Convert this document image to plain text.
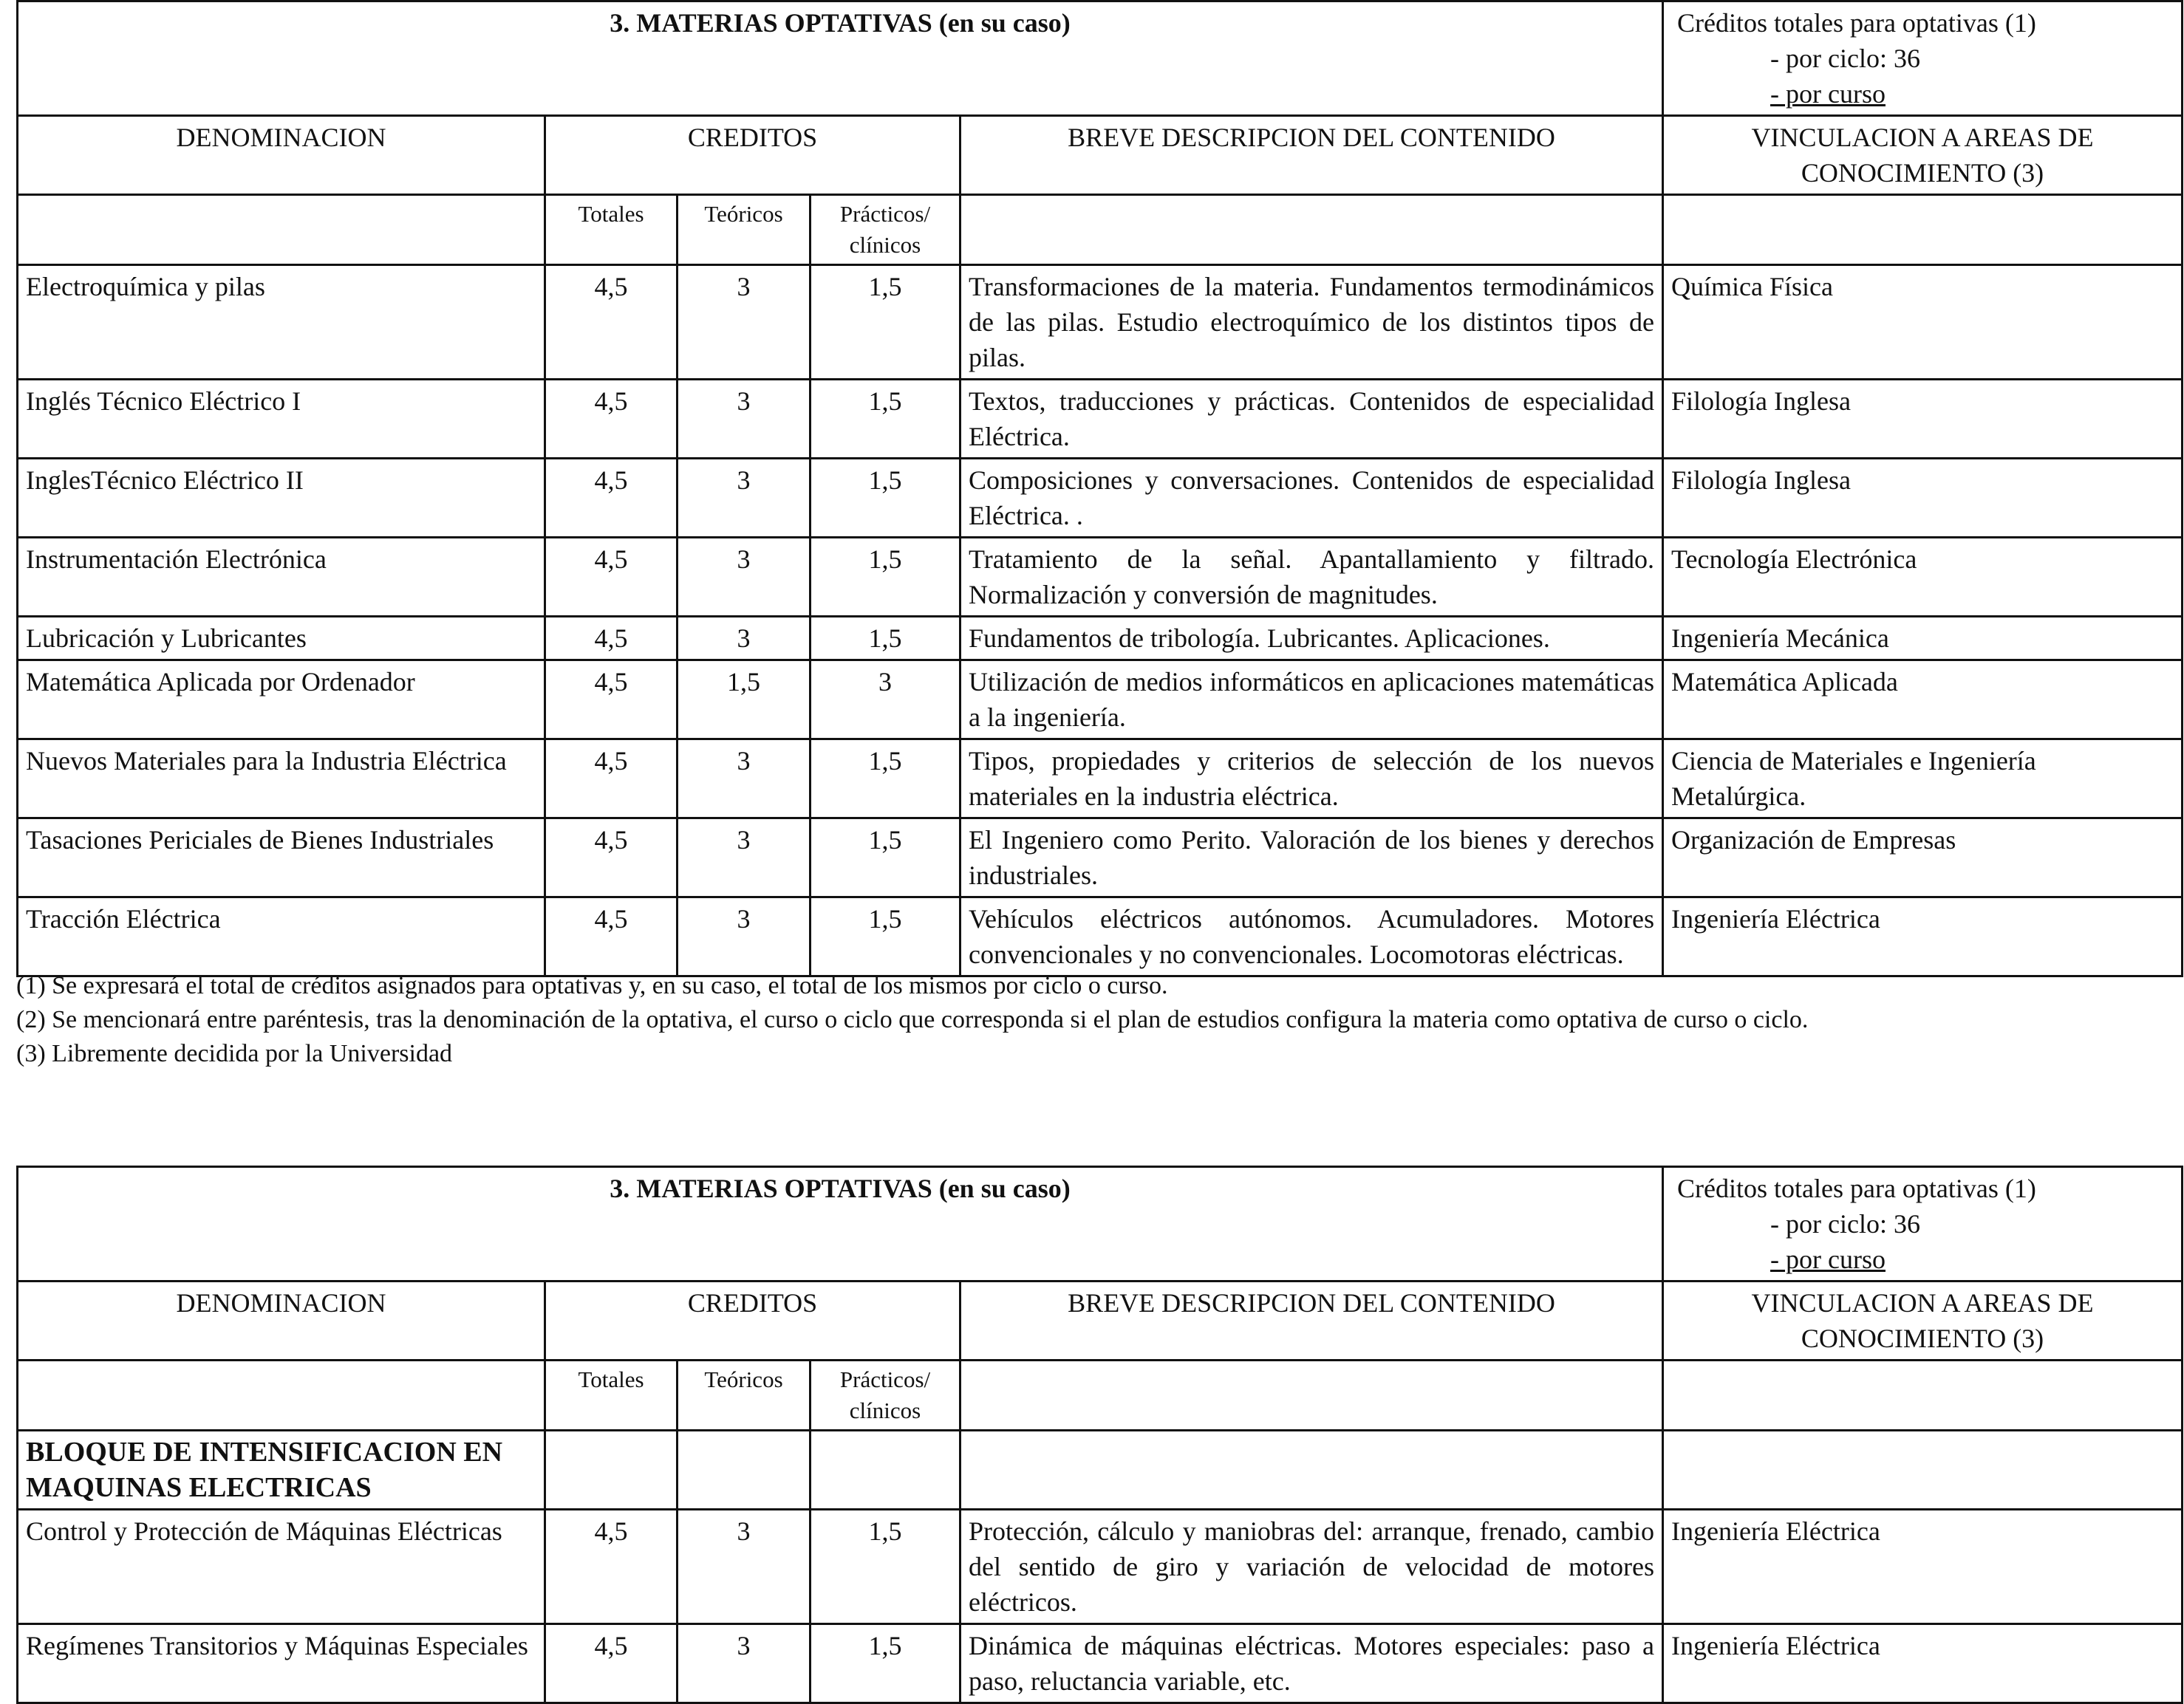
3. MATERIAS OPTATIVAS (en su caso)					Créditos totales para optativas (1)
- por ciclo: 36
- por curso

DENOMINACION	CREDITOS			BREVE DESCRIPCION DEL CONTENIDO	VINCULACION A AREAS DE CONOCIMIENTO (3)
	Totales	Teóricos	Prácticos/ clínicos		
Electroquímica y pilas	4,5	3	1,5	Transformaciones de la materia. Fundamentos termodinámicos de las pilas. Estudio electroquímico de los distintos tipos de pilas.	Química Física
Inglés Técnico Eléctrico I	4,5	3	1,5	Textos, traducciones y prácticas. Contenidos de especialidad Eléctrica.	Filología Inglesa
InglesTécnico Eléctrico II	4,5	3	1,5	Composiciones y conversaciones. Contenidos de especialidad Eléctrica. .	Filología Inglesa
Instrumentación Electrónica	4,5	3	1,5	Tratamiento de la señal. Apantallamiento y filtrado. Normalización y conversión de magnitudes.	Tecnología Electrónica
Lubricación y Lubricantes	4,5	3	1,5	Fundamentos de tribología. Lubricantes. Aplicaciones.	Ingeniería Mecánica
Matemática Aplicada por Ordenador	4,5	1,5	3	Utilización de medios informáticos en aplicaciones matemáticas a la ingeniería.	Matemática Aplicada
Nuevos Materiales para la Industria Eléctrica	4,5	3	1,5	Tipos, propiedades y criterios de selección de los nuevos materiales en la industria eléctrica.	Ciencia de Materiales e Ingeniería Metalúrgica.
Tasaciones Periciales de Bienes Industriales	4,5	3	1,5	El Ingeniero como Perito. Valoración de los bienes y derechos industriales.	Organización de Empresas
Tracción Eléctrica	4,5	3	1,5	Vehículos eléctricos autónomos. Acumuladores. Motores convencionales y no convencionales. Locomotoras eléctricas.	Ingeniería Eléctrica

(1) Se expresará el total de créditos asignados para optativas y, en su caso, el total de los mismos por ciclo o curso.

(2) Se mencionará entre paréntesis, tras la denominación de la optativa, el curso o ciclo que corresponda si el plan de estudios configura la materia como optativa de curso o ciclo.

(3) Libremente decidida por la Universidad

3. MATERIAS OPTATIVAS (en su caso)					Créditos totales para optativas (1)
- por ciclo: 36
- por curso

DENOMINACION	CREDITOS			BREVE DESCRIPCION DEL CONTENIDO	VINCULACION A AREAS DE CONOCIMIENTO (3)
	Totales	Teóricos	Prácticos/ clínicos		
BLOQUE DE INTENSIFICACION EN MAQUINAS ELECTRICAS					
Control y Protección de Máquinas Eléctricas	4,5	3	1,5	Protección, cálculo y maniobras del: arranque, frenado, cambio del sentido de giro y variación de velocidad de motores eléctricos.	Ingeniería Eléctrica
Regímenes Transitorios y Máquinas Especiales	4,5	3	1,5	Dinámica de máquinas eléctricas. Motores especiales: paso a paso, reluctancia variable, etc.	Ingeniería Eléctrica
